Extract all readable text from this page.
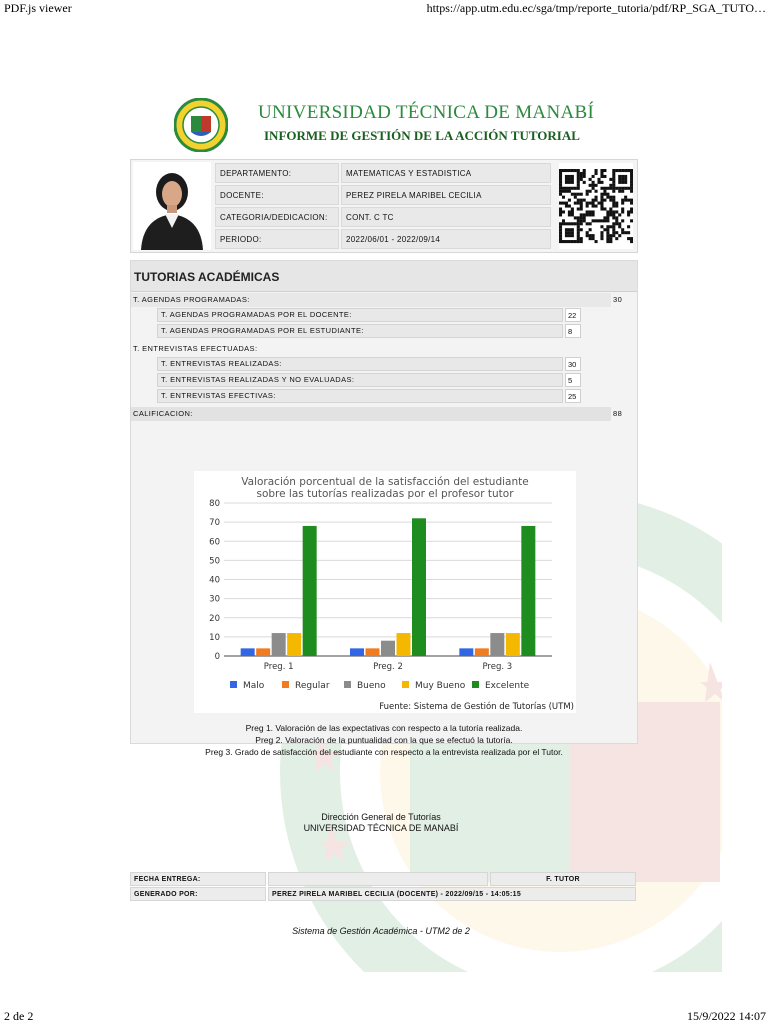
PDF.js viewer	https://app.utm.edu.ec/sga/tmp/reporte_tutoria/pdf/RP_SGA_TUTO…
2 de 2	15/9/2022 14:07
UNIVERSIDAD TÉCNICA DE MANABÍ
INFORME DE GESTIÓN DE LA ACCIÓN TUTORIAL
DEPARTAMENTO:	MATEMATICAS Y ESTADISTICA
DOCENTE:	PEREZ PIRELA MARIBEL CECILIA
CATEGORIA/DEDICACION:	CONT. C TC
PERIODO:	2022/06/01 - 2022/09/14
TUTORIAS ACADÉMICAS
T. AGENDAS PROGRAMADAS:	30
T. AGENDAS PROGRAMADAS POR EL DOCENTE:	22
T. AGENDAS PROGRAMADAS POR EL ESTUDIANTE:	8
T. ENTREVISTAS EFECTUADAS:
T. ENTREVISTAS REALIZADAS:	30
T. ENTREVISTAS REALIZADAS Y NO EVALUADAS:	5
T. ENTREVISTAS EFECTIVAS:	25
CALIFICACION:	88
Valoración porcentual de la satisfacción del estudiante
sobre las tutorías realizadas por el profesor tutor
0
10
20
30
40
50
60
70
80
Preg. 1	Preg. 2	Preg. 3
Malo	Regular	Bueno	Muy Bueno Excelente
Fuente: Sistema de Gestión de Tutorías (UTM)
Preg 1. Valoración de las expectativas con respecto a la tutoría realizada.
Preg 2. Valoración de la puntualidad con la que se efectuó la tutoría.
Preg 3. Grado de satisfacción del estudiante con respecto a la entrevista realizada por el Tutor.
Dirección General de Tutorías
UNIVERSIDAD TÉCNICA DE MANABÍ
FECHA ENTREGA:	F. TUTOR
GENERADO POR:	PEREZ PIRELA MARIBEL CECILIA (DOCENTE) - 2022/09/15 - 14:05:15
Sistema de Gestión Académica - UTM2 de 2
